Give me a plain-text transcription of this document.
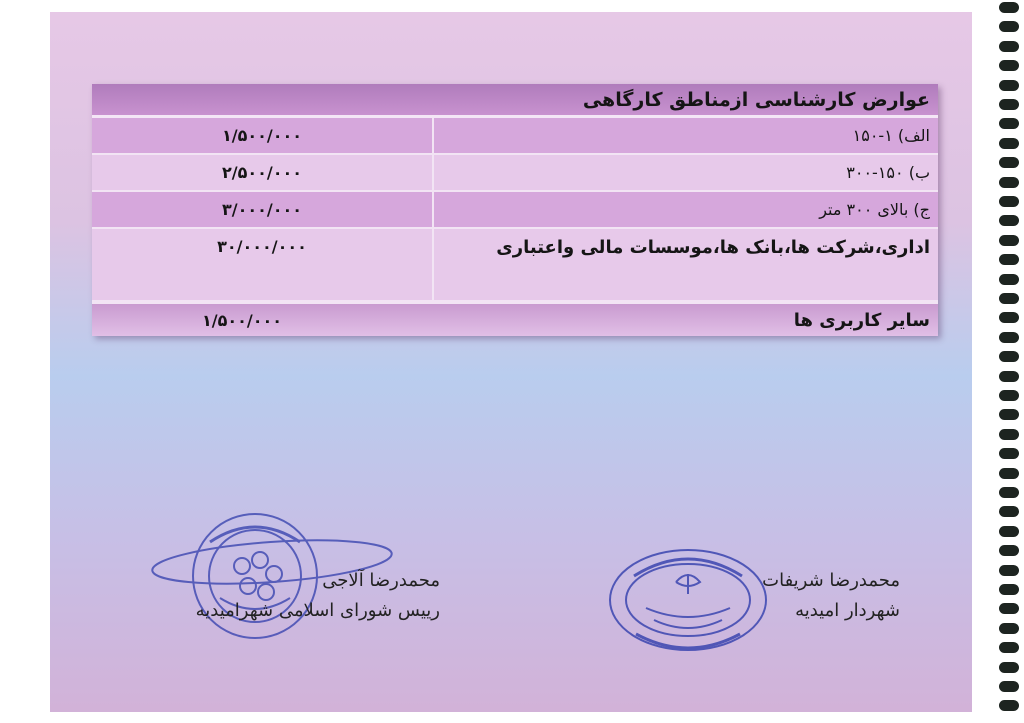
عوارض کارشناسی ازمناطق کارگاهی
الف) ۱-۱۵۰
۱/۵۰۰/۰۰۰
ب) ۱۵۰-۳۰۰
۲/۵۰۰/۰۰۰
ج) بالای ۳۰۰ متر
۳/۰۰۰/۰۰۰
اداری،شرکت ها،بانک ها،موسسات مالی واعتباری
۳۰/۰۰۰/۰۰۰
سایر کاربری ها
۱/۵۰۰/۰۰۰
محمدرضا شریفات
شهردار امیدیه
محمدرضا آلاجی
رییس شورای اسلامی شهرامیدیه
